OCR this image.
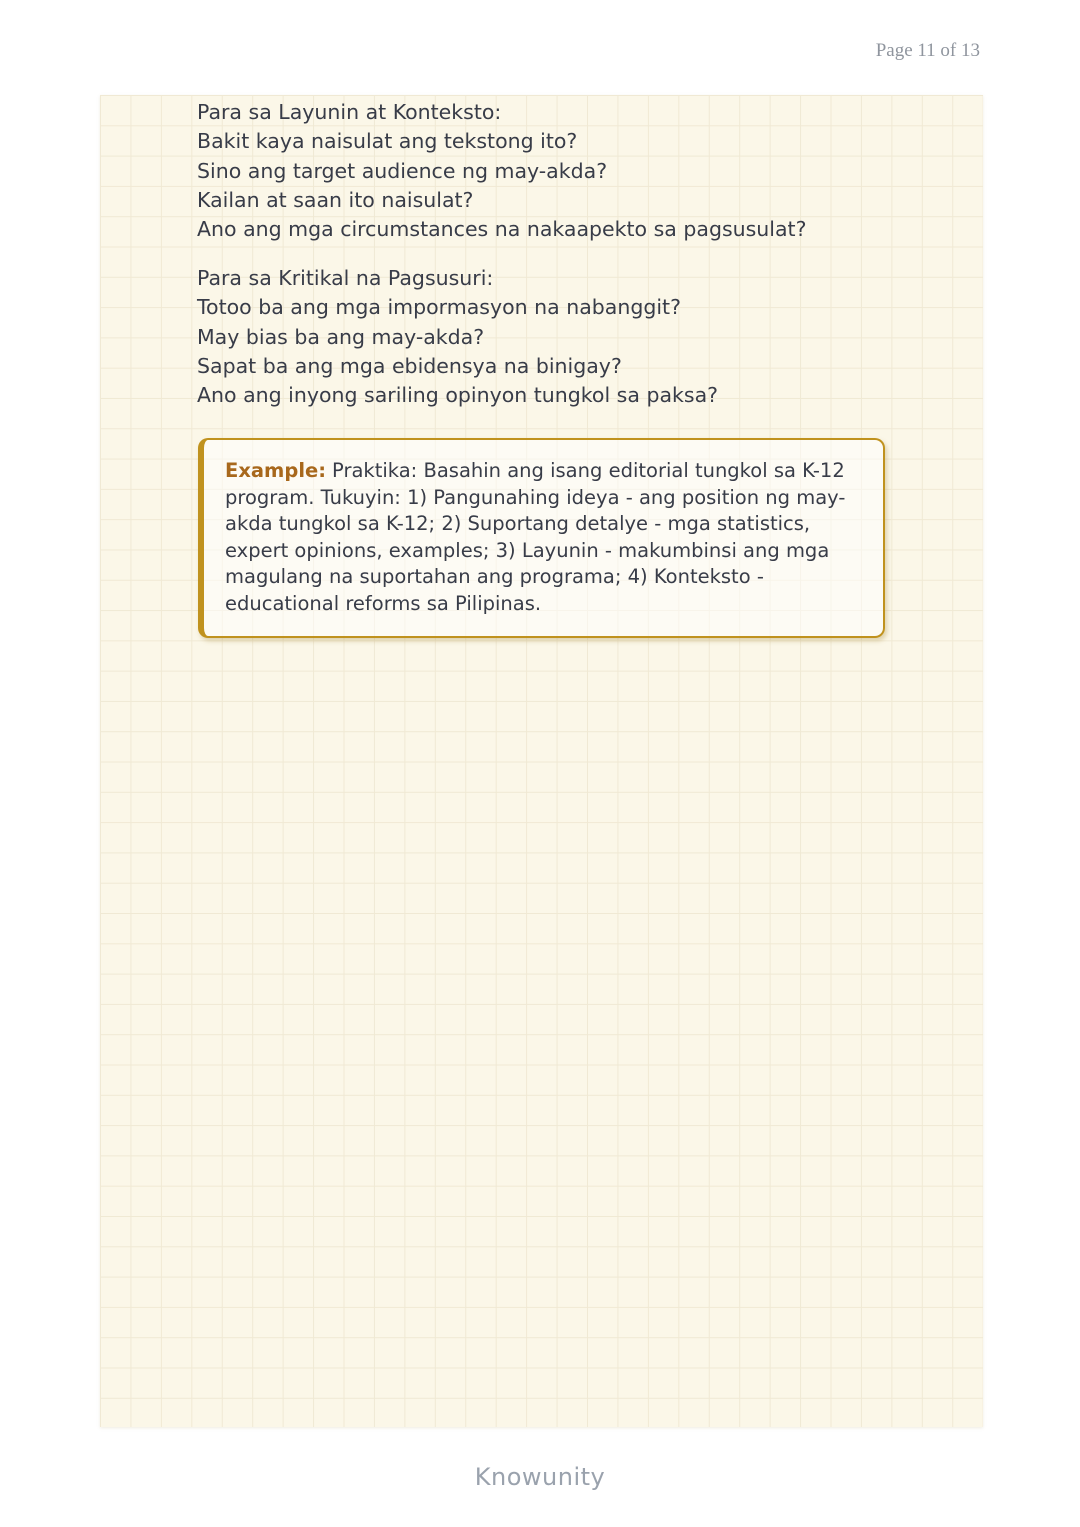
Page 11 of 13
Para sa Layunin at Konteksto:
Bakit kaya naisulat ang tekstong ito?
Sino ang target audience ng may-akda?
Kailan at saan ito naisulat?
Ano ang mga circumstances na nakaapekto sa pagsusulat?
Para sa Kritikal na Pagsusuri:
Totoo ba ang mga impormasyon na nabanggit?
May bias ba ang may-akda?
Sapat ba ang mga ebidensya na binigay?
Ano ang inyong sariling opinyon tungkol sa paksa?
Example: Praktika: Basahin ang isang editorial tungkol sa K-12 program. Tukuyin: 1) Pangunahing ideya - ang position ng may-akda tungkol sa K-12; 2) Suportang detalye - mga statistics, expert opinions, examples; 3) Layunin - makumbinsi ang mga magulang na suportahan ang programa; 4) Konteksto - educational reforms sa Pilipinas.
Knowunity
